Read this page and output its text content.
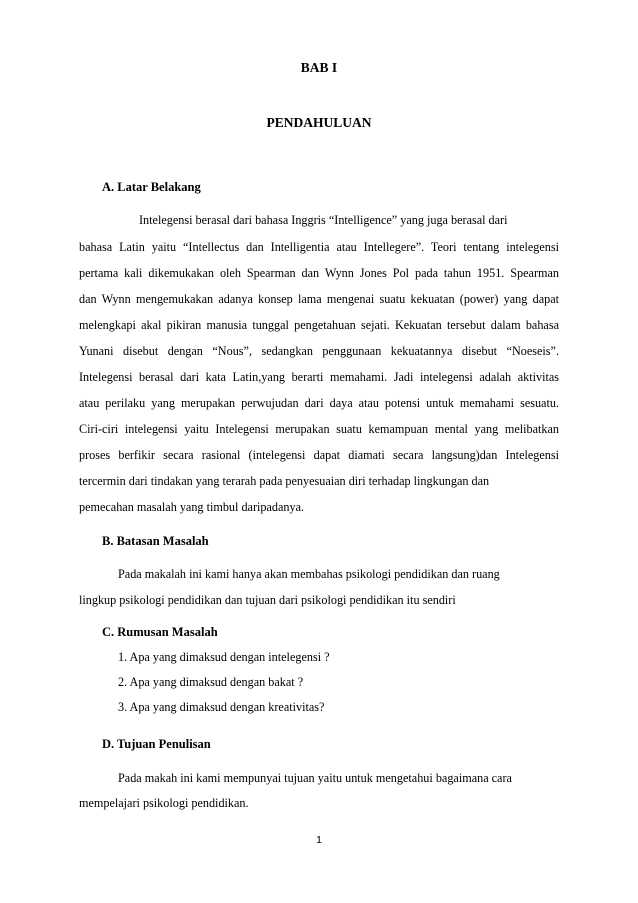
BAB I
PENDAHULUAN
A. Latar Belakang
Intelegensi berasal dari bahasa Inggris “Intelligence” yang juga berasal dari
bahasa Latin yaitu “Intellectus dan Intelligentia atau Intellegere”. Teori tentang intelegensi
pertama kali dikemukakan oleh Spearman dan Wynn Jones Pol pada tahun 1951. Spearman
dan Wynn mengemukakan adanya konsep lama mengenai suatu kekuatan (power) yang dapat
melengkapi akal pikiran manusia tunggal pengetahuan sejati. Kekuatan tersebut dalam bahasa
Yunani disebut dengan “Nous”, sedangkan penggunaan kekuatannya disebut “Noeseis”.
Intelegensi berasal dari kata Latin,yang berarti memahami. Jadi intelegensi adalah aktivitas
atau perilaku yang merupakan perwujudan dari daya atau potensi untuk memahami sesuatu.
Ciri-ciri intelegensi yaitu Intelegensi merupakan suatu kemampuan mental yang melibatkan
proses berfikir secara rasional (intelegensi dapat diamati secara langsung)dan Intelegensi
tercermin dari tindakan yang terarah pada penyesuaian diri terhadap lingkungan dan
pemecahan masalah yang timbul daripadanya.
B. Batasan Masalah
Pada makalah ini kami hanya akan membahas psikologi pendidikan dan ruang
lingkup psikologi pendidikan dan tujuan dari psikologi pendidikan itu sendiri
C. Rumusan Masalah
1. Apa yang dimaksud dengan intelegensi ?
2. Apa yang dimaksud dengan bakat ?
3. Apa yang dimaksud dengan kreativitas?
D. Tujuan Penulisan
Pada makah ini kami mempunyai tujuan yaitu untuk mengetahui bagaimana cara
mempelajari psikologi pendidikan.
1
